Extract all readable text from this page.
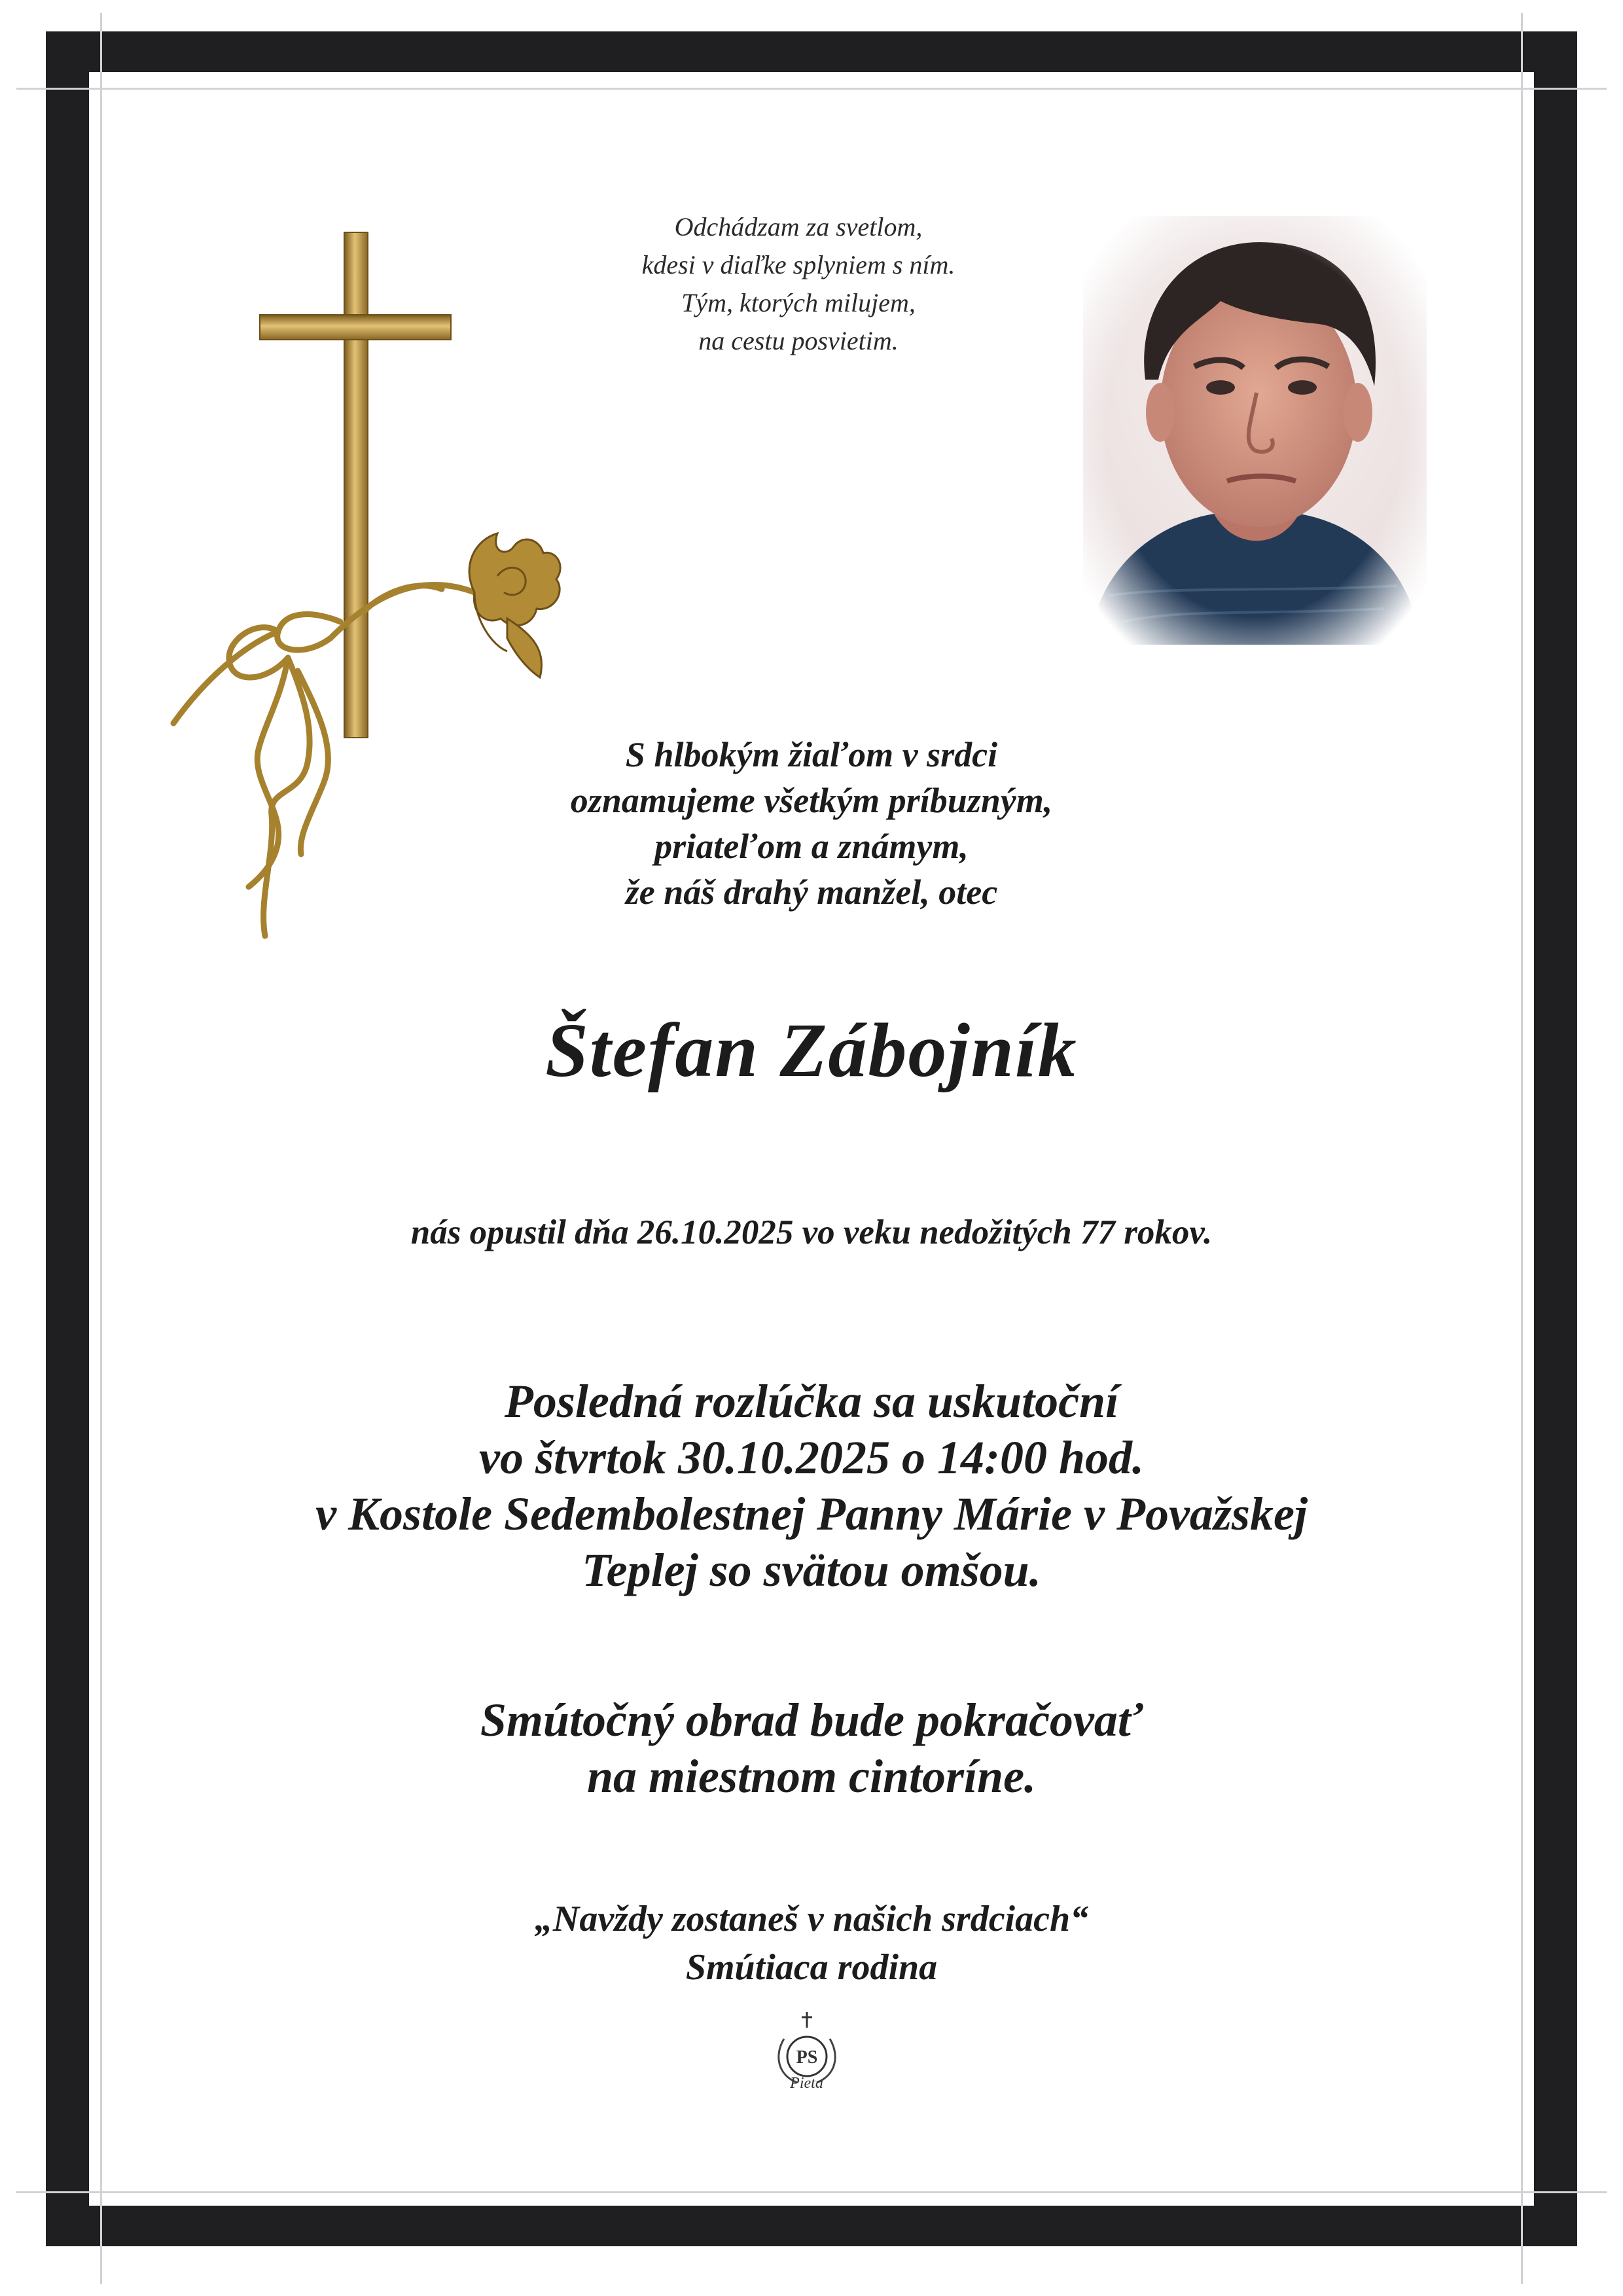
Odchádzam za svetlom,
kdesi v diaľke splyniem s ním.
Tým, ktorých milujem,
na cestu posvietim.
S hlbokým žiaľom v srdci
oznamujeme všetkým príbuzným,
priateľom a známym,
že náš drahý manžel, otec
Štefan Zábojník
nás opustil dňa 26.10.2025 vo veku nedožitých 77 rokov.
Posledná rozlúčka sa uskutoční
vo štvrtok 30.10.2025 o 14:00 hod.
v Kostole Sedembolestnej Panny Márie v Považskej
Teplej so svätou omšou.
Smútočný obrad bude pokračovať
na miestnom cintoríne.
„Navždy zostaneš v našich srdciach“
Smútiaca rodina
PS
Pieta
